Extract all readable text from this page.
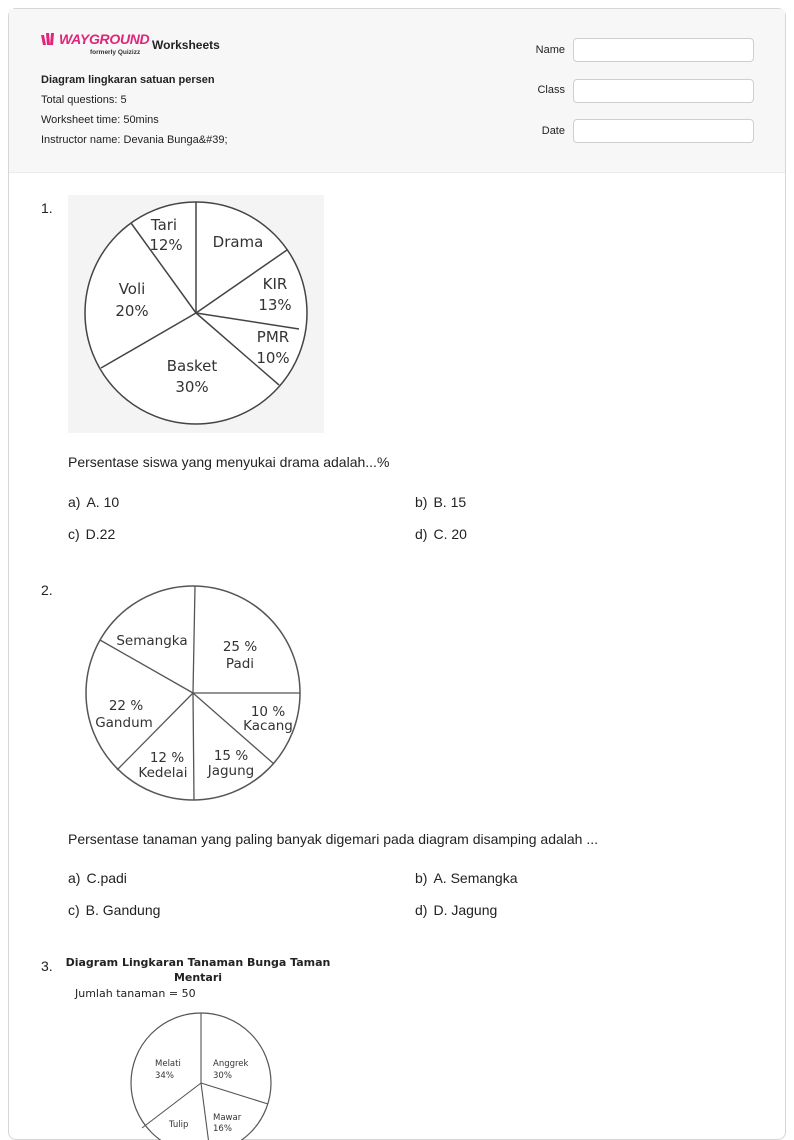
WAYGROUND
formerly Quizizz
Worksheets
Diagram lingkaran satuan persen
Total questions: 5
Worksheet time: 50mins
Instructor name: Devania Bunga&#39;
Name
Class
Date
1.
Tari
12% Drama
KIR
13%
PMR
10%
Basket
30%
Voli
20%
Persentase siswa yang menyukai drama adalah...%
a) A. 10	b) B. 15
c) D.22	d) C. 20
2.
Semangka	25 %
Padi
10 %
Kacang
15 %
Jagung
12 %
Kedelai
22 %
Gandum
Persentase tanaman yang paling banyak digemari pada diagram disamping adalah ...
a) C.padi	b) A. Semangka
c) B. Gandung	d) D. Jagung
3. Diagram Lingkaran Tanaman Bunga Taman
Mentari
Jumlah tanaman = 50
Melati
34%
Anggrek
30%
Mawar
16%
Tulip
